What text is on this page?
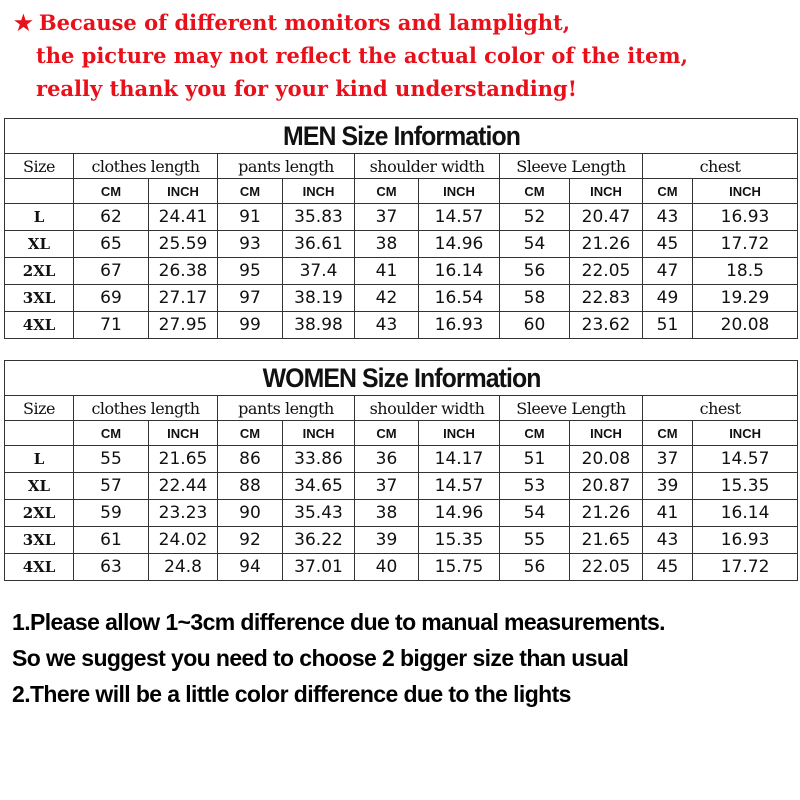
★ Because of different monitors and lamplight,
the picture may not reflect the actual color of the item,
really thank you for your kind understanding!
MEN Size Information										
Size	clothes length		pants length		shoulder width		Sleeve Length		chest	
	CM	INCH	CM	INCH	CM	INCH	CM	INCH	CM	INCH
L	62	24.41	91	35.83	37	14.57	52	20.47	43	16.93
XL	65	25.59	93	36.61	38	14.96	54	21.26	45	17.72
2XL	67	26.38	95	37.4	41	16.14	56	22.05	47	18.5
3XL	69	27.17	97	38.19	42	16.54	58	22.83	49	19.29
4XL	71	27.95	99	38.98	43	16.93	60	23.62	51	20.08
WOMEN Size Information										
Size	clothes length		pants length		shoulder width		Sleeve Length		chest	
	CM	INCH	CM	INCH	CM	INCH	CM	INCH	CM	INCH
L	55	21.65	86	33.86	36	14.17	51	20.08	37	14.57
XL	57	22.44	88	34.65	37	14.57	53	20.87	39	15.35
2XL	59	23.23	90	35.43	38	14.96	54	21.26	41	16.14
3XL	61	24.02	92	36.22	39	15.35	55	21.65	43	16.93
4XL	63	24.8	94	37.01	40	15.75	56	22.05	45	17.72
1.Please allow 1~3cm difference due to manual measurements.
So we suggest you need to choose 2 bigger size than usual
2.There will be a little color difference due to the lights
